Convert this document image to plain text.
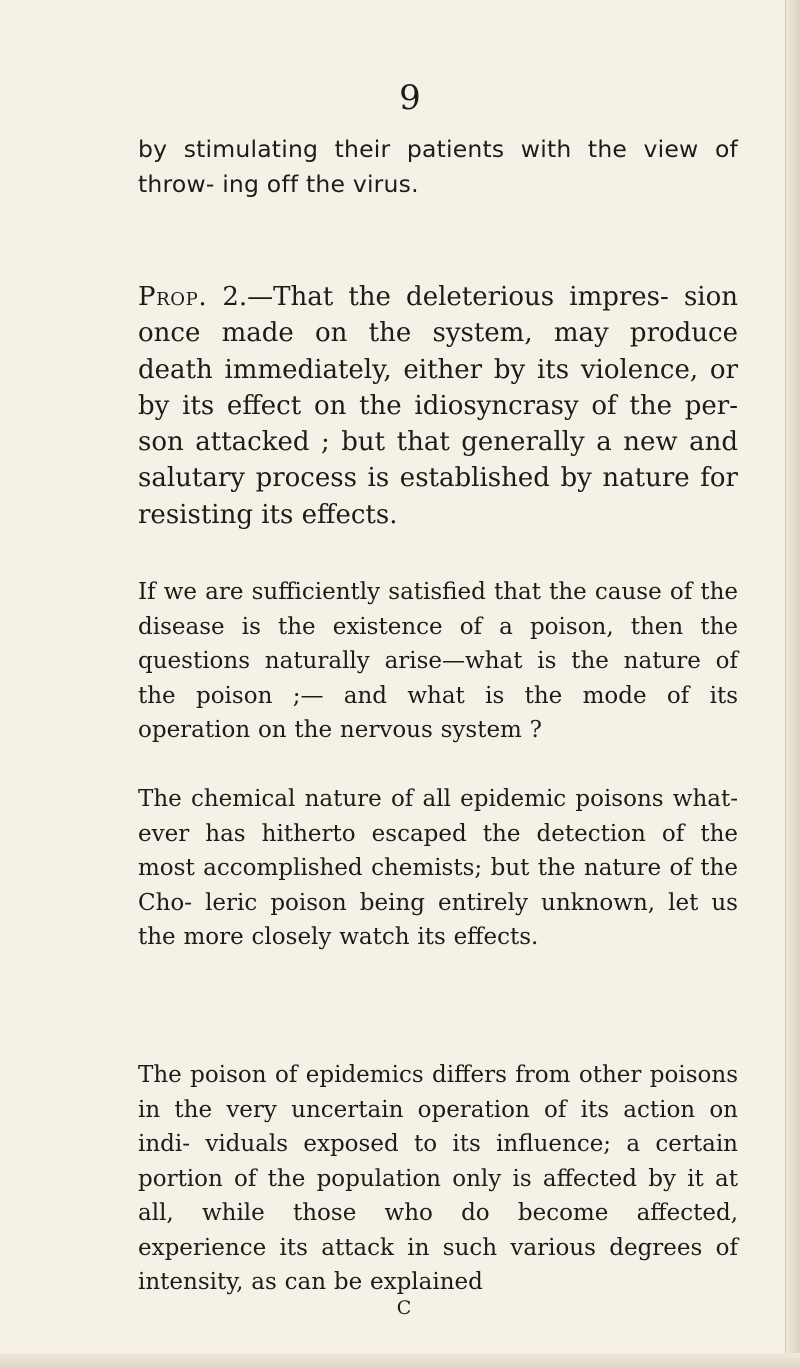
9

by stimulating their patients with the view of throw- ing off the virus.

Prop. 2.—That the deleterious impres- sion once made on the system, may produce death immediately, either by its violence, or by its effect on the idiosyncrasy of the per- son attacked ; but that generally a new and salutary process is established by nature for resisting its effects.

If we are sufficiently satisfied that the cause of the disease is the existence of a poison, then the questions naturally arise—what is the nature of the poison ;— and what is the mode of its operation on the nervous system ?

The chemical nature of all epidemic poisons what- ever has hitherto escaped the detection of the most accomplished chemists; but the nature of the Cho- leric poison being entirely unknown, let us the more closely watch its effects.

The poison of epidemics differs from other poisons in the very uncertain operation of its action on indi- viduals exposed to its influence; a certain portion of the population only is affected by it at all, while those who do become affected, experience its attack in such various degrees of intensity, as can be explained

C
